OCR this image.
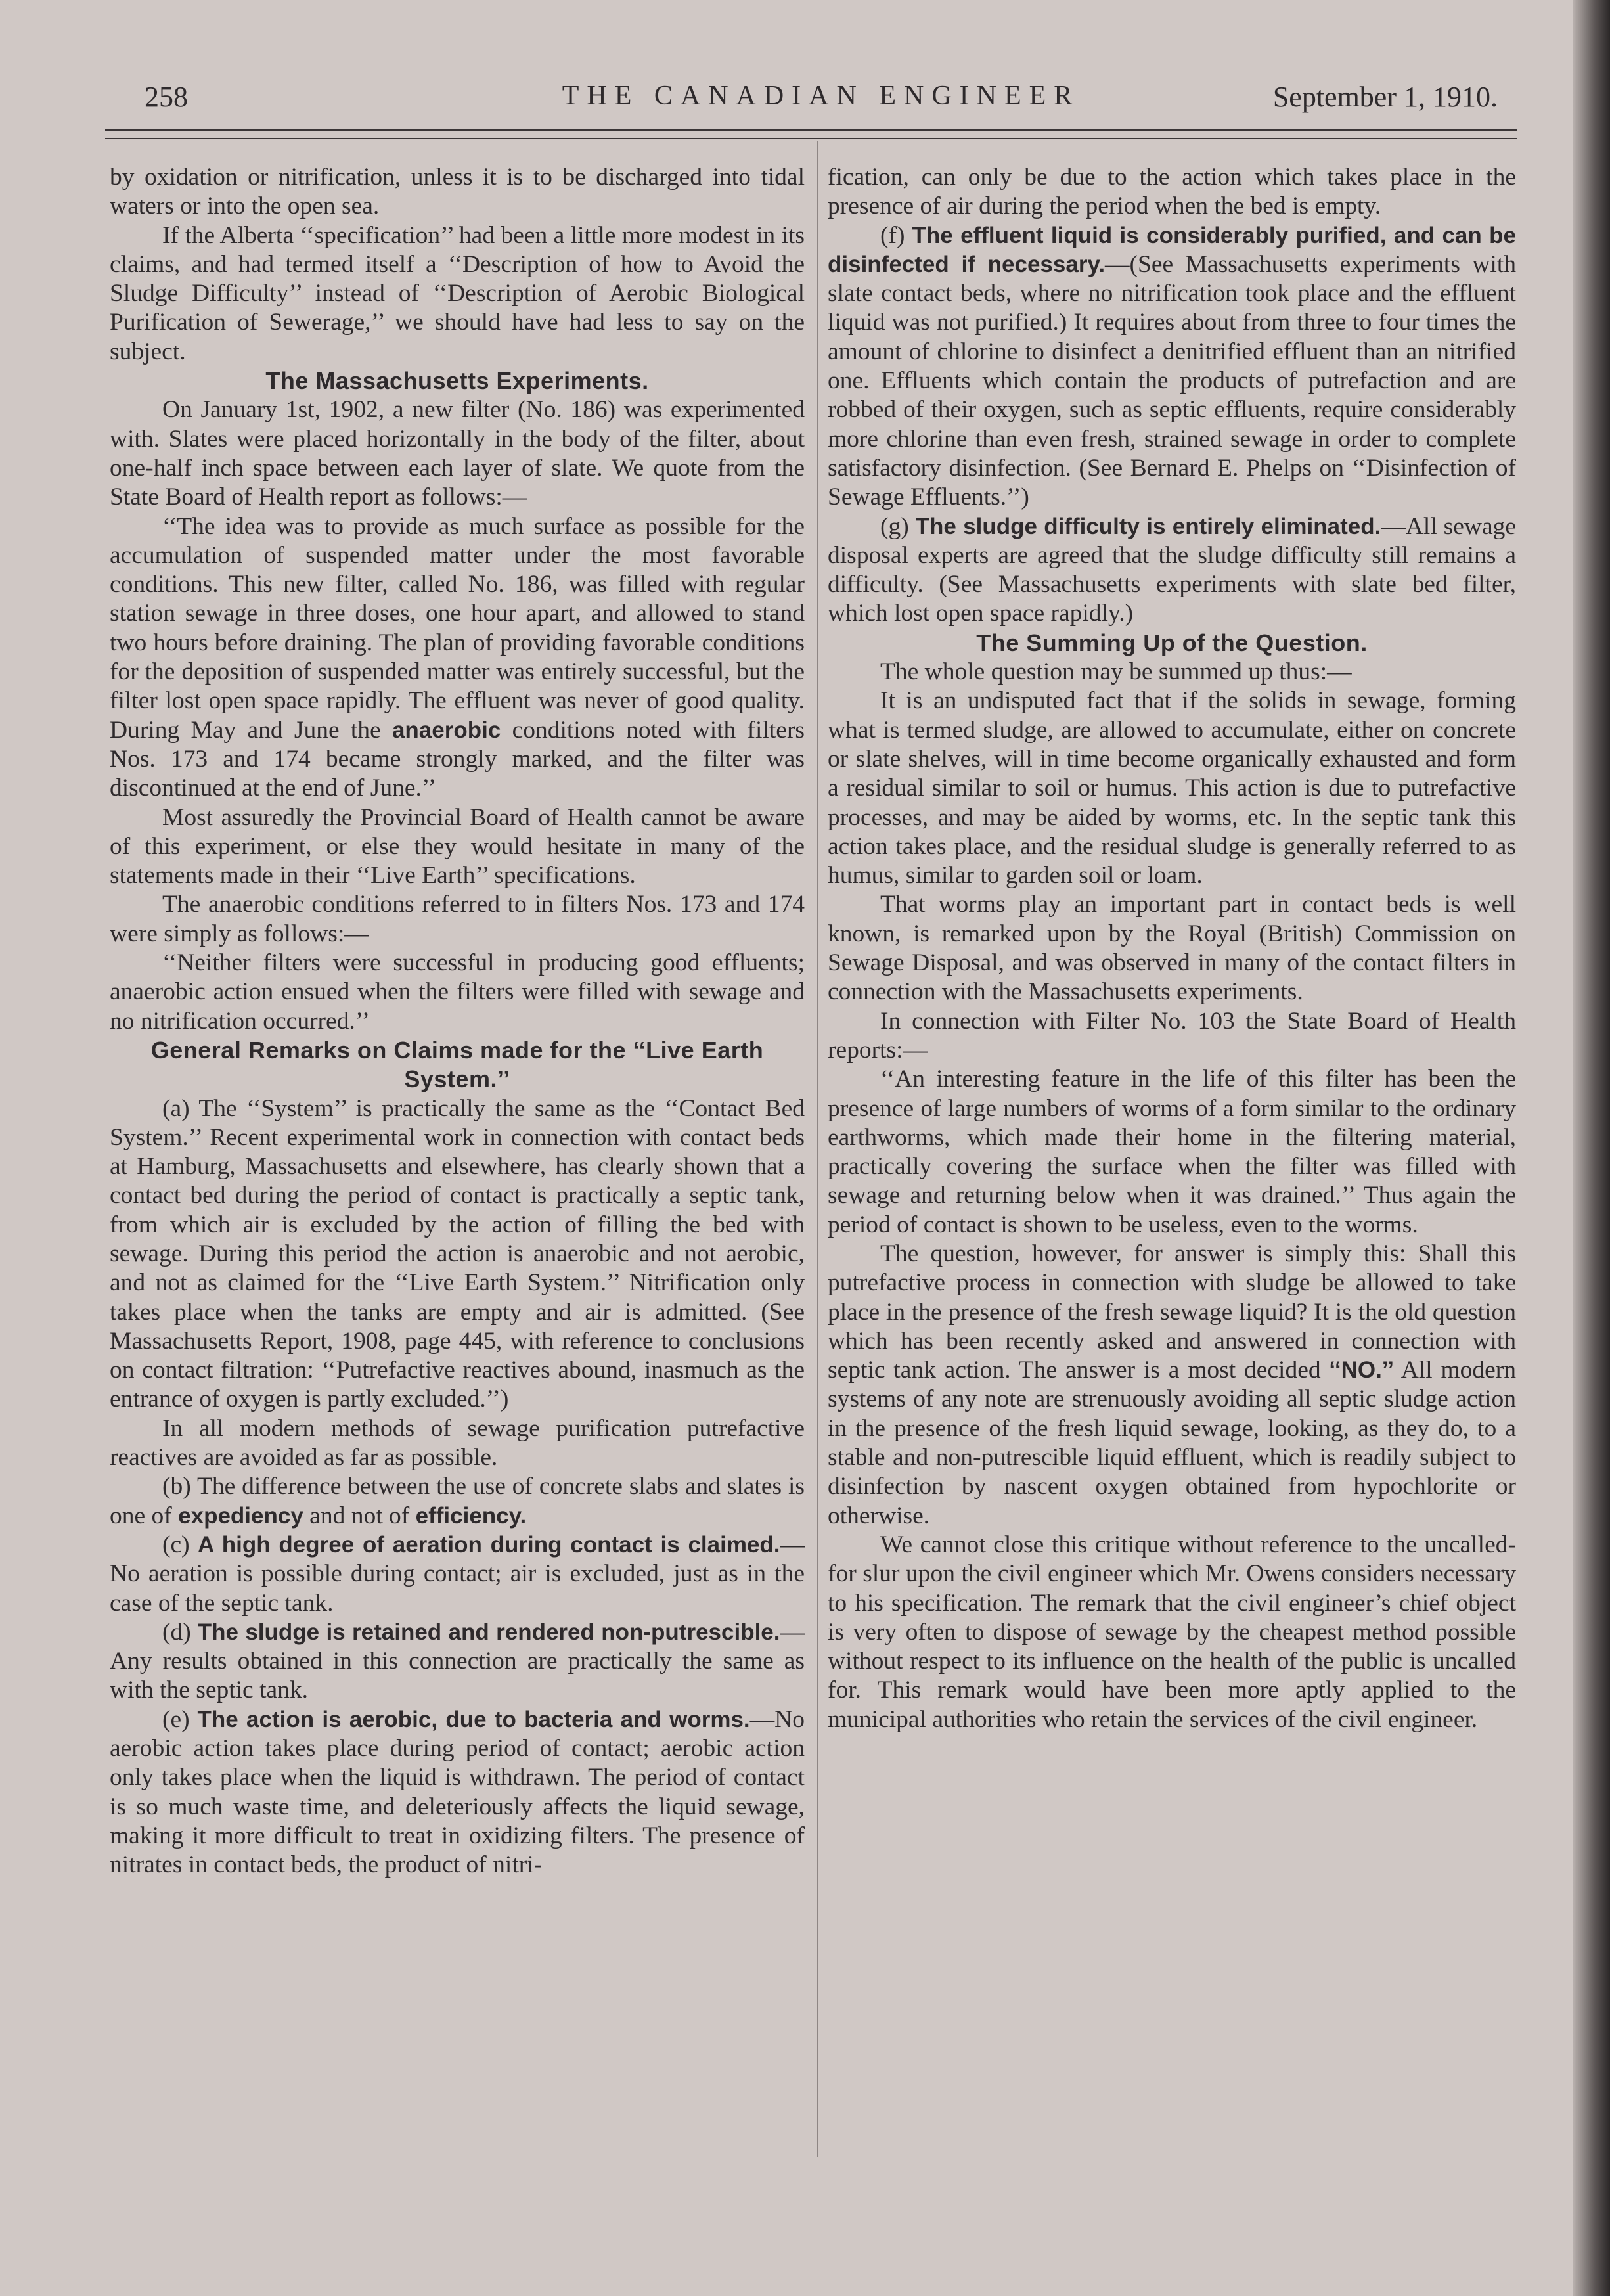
258	THE CANADIAN ENGINEER	September 1, 1910.

by oxidation or nitrification, unless it is to be discharged into tidal waters or into the open sea.

If the Alberta ‘‘specification’’ had been a little more modest in its claims, and had termed itself a ‘‘Description of how to Avoid the Sludge Difficulty’’ instead of ‘‘Description of Aerobic Biological Purification of Sewerage,’’ we should have had less to say on the subject.

The Massachusetts Experiments.

On January 1st, 1902, a new filter (No. 186) was experimented with. Slates were placed horizontally in the body of the filter, about one-half inch space between each layer of slate. We quote from the State Board of Health report as follows:—

‘‘The idea was to provide as much surface as possible for the accumulation of suspended matter under the most favorable conditions. This new filter, called No. 186, was filled with regular station sewage in three doses, one hour apart, and allowed to stand two hours before draining. The plan of providing favorable conditions for the deposition of suspended matter was entirely successful, but the filter lost open space rapidly. The effluent was never of good quality. During May and June the anaerobic conditions noted with filters Nos. 173 and 174 became strongly marked, and the filter was discontinued at the end of June.’’

Most assuredly the Provincial Board of Health cannot be aware of this experiment, or else they would hesitate in many of the statements made in their ‘‘Live Earth’’ specifications.

The anaerobic conditions referred to in filters Nos. 173 and 174 were simply as follows:—

‘‘Neither filters were successful in producing good effluents; anaerobic action ensued when the filters were filled with sewage and no nitrification occurred.’’

General Remarks on Claims made for the ‘‘Live Earth System.’’

(a) The ‘‘System’’ is practically the same as the ‘‘Contact Bed System.’’ Recent experimental work in connection with contact beds at Hamburg, Massachusetts and elsewhere, has clearly shown that a contact bed during the period of contact is practically a septic tank, from which air is excluded by the action of filling the bed with sewage. During this period the action is anaerobic and not aerobic, and not as claimed for the ‘‘Live Earth System.’’ Nitrification only takes place when the tanks are empty and air is admitted. (See Massachusetts Report, 1908, page 445, with reference to conclusions on contact filtration: ‘‘Putrefactive reactives abound, inasmuch as the entrance of oxygen is partly excluded.’’)

In all modern methods of sewage purification putrefactive reactives are avoided as far as possible.

(b) The difference between the use of concrete slabs and slates is one of expediency and not of efficiency.

(c) A high degree of aeration during contact is claimed.—No aeration is possible during contact; air is excluded, just as in the case of the septic tank.

(d) The sludge is retained and rendered non-putrescible.—Any results obtained in this connection are practically the same as with the septic tank.

(e) The action is aerobic, due to bacteria and worms.—No aerobic action takes place during period of contact; aerobic action only takes place when the liquid is withdrawn. The period of contact is so much waste time, and deleteriously affects the liquid sewage, making it more difficult to treat in oxidizing filters. The presence of nitrates in contact beds, the product of nitri-

fication, can only be due to the action which takes place in the presence of air during the period when the bed is empty.

(f) The effluent liquid is considerably purified, and can be disinfected if necessary.—(See Massachusetts experiments with slate contact beds, where no nitrification took place and the effluent liquid was not purified.) It requires about from three to four times the amount of chlorine to disinfect a denitrified effluent than an nitrified one. Effluents which contain the products of putrefaction and are robbed of their oxygen, such as septic effluents, require considerably more chlorine than even fresh, strained sewage in order to complete satisfactory disinfection. (See Bernard E. Phelps on ‘‘Disinfection of Sewage Effluents.’’)

(g) The sludge difficulty is entirely eliminated.—All sewage disposal experts are agreed that the sludge difficulty still remains a difficulty. (See Massachusetts experiments with slate bed filter, which lost open space rapidly.)

The Summing Up of the Question.

The whole question may be summed up thus:—

It is an undisputed fact that if the solids in sewage, forming what is termed sludge, are allowed to accumulate, either on concrete or slate shelves, will in time become organically exhausted and form a residual similar to soil or humus. This action is due to putrefactive processes, and may be aided by worms, etc. In the septic tank this action takes place, and the residual sludge is generally referred to as humus, similar to garden soil or loam.

That worms play an important part in contact beds is well known, is remarked upon by the Royal (British) Commission on Sewage Disposal, and was observed in many of the contact filters in connection with the Massachusetts experiments.

In connection with Filter No. 103 the State Board of Health reports:—

‘‘An interesting feature in the life of this filter has been the presence of large numbers of worms of a form similar to the ordinary earthworms, which made their home in the filtering material, practically covering the surface when the filter was filled with sewage and returning below when it was drained.’’ Thus again the period of contact is shown to be useless, even to the worms.

The question, however, for answer is simply this: Shall this putrefactive process in connection with sludge be allowed to take place in the presence of the fresh sewage liquid? It is the old question which has been recently asked and answered in connection with septic tank action. The answer is a most decided ‘‘NO.’’ All modern systems of any note are strenuously avoiding all septic sludge action in the presence of the fresh liquid sewage, looking, as they do, to a stable and non-putrescible liquid effluent, which is readily subject to disinfection by nascent oxygen obtained from hypochlorite or otherwise.

We cannot close this critique without reference to the uncalled-for slur upon the civil engineer which Mr. Owens considers necessary to his specification. The remark that the civil engineer’s chief object is very often to dispose of sewage by the cheapest method possible without respect to its influence on the health of the public is uncalled for. This remark would have been more aptly applied to the municipal authorities who retain the services of the civil engineer.
